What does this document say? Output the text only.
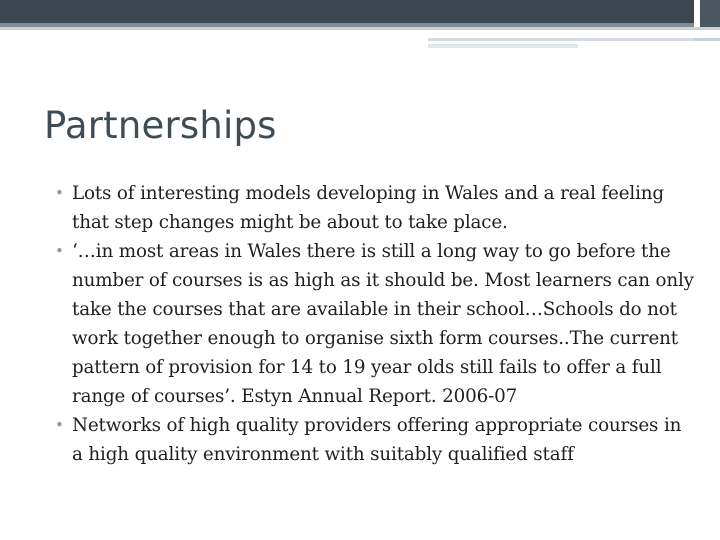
Partnerships
• Lots of interesting models developing in Wales and a real feeling that step changes might be about to take place.
• ‘…in most areas in Wales there is still a long way to go before the number of courses is as high as it should be. Most learners can only take the courses that are available in their school…Schools do not work together enough to organise sixth form courses..The current pattern of provision for 14 to 19 year olds still fails to offer a full range of courses’. Estyn Annual Report. 2006-07
• Networks of high quality providers offering appropriate courses in a high quality environment with suitably qualified staff
